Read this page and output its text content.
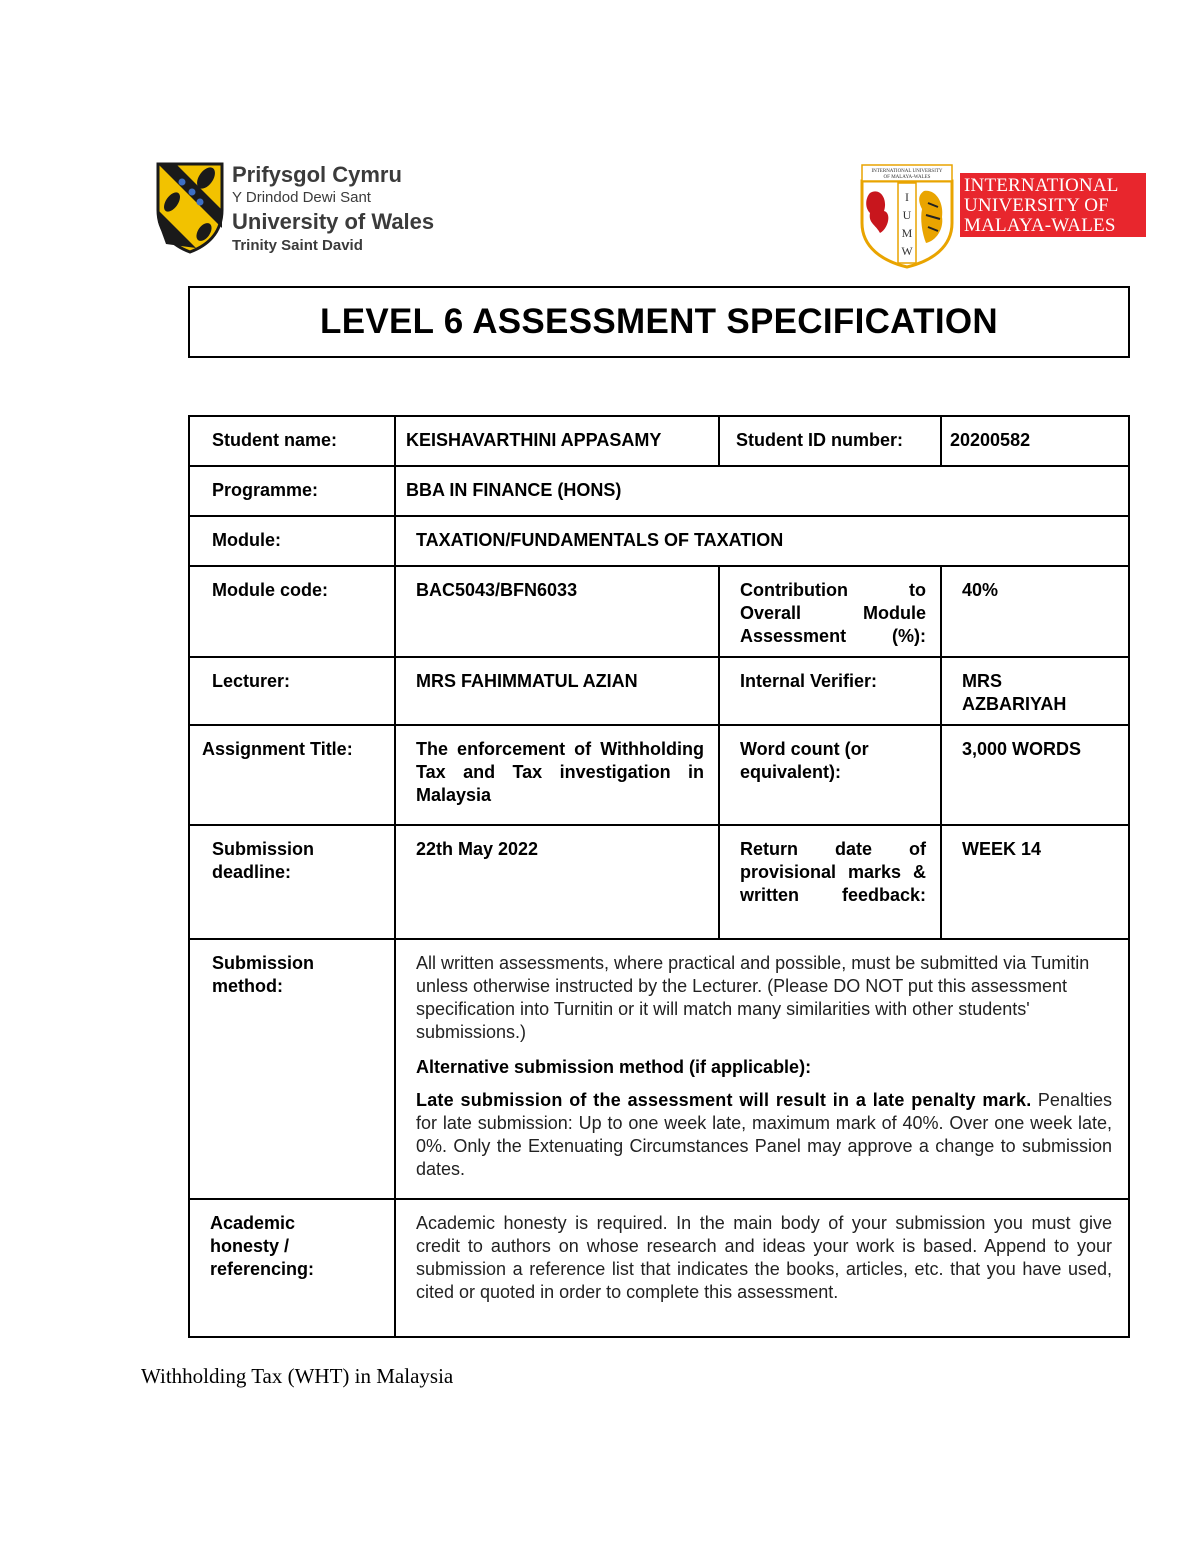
Prifysgol Cymru
Y Drindod Dewi Sant
University of Wales
Trinity Saint David
INTERNATIONAL UNIVERSITY
OF MALAYA-WALES
I
U
M
W
INTERNATIONAL
UNIVERSITY OF
MALAYA-WALES
LEVEL 6 ASSESSMENT SPECIFICATION
Student name:	KEISHAVARTHINI APPASAMY	Student ID number:	20200582
Programme:	BBA IN FINANCE (HONS)		
Module:	TAXATION/FUNDAMENTALS OF TAXATION		
Module code:	BAC5043/BFN6033	Contribution to Overall Module Assessment (%):	40%
Lecturer:	MRS FAHIMMATUL AZIAN	Internal Verifier:	MRS AZBARIYAH
Assignment Title:	The enforcement of Withholding Tax and Tax investigation in Malaysia	Word count (or equivalent):	3,000 WORDS
Submission deadline:	22th May 2022	Return date of provisional marks & written feedback:	WEEK 14
Submission method:	All written assessments, where practical and possible, must be submitted via Tumitin unless otherwise instructed by the Lecturer. (Please DO NOT put this assessment specification into Turnitin or it will match many similarities with other students' submissions.)
Alternative submission method (if applicable):
Late submission of the assessment will result in a late penalty mark. Penalties for late submission: Up to one week late, maximum mark of 40%. Over one week late, 0%. Only the Extenuating Circumstances Panel may approve a change to submission dates.		

Academic honesty / referencing:	Academic honesty is required. In the main body of your submission you must give credit to authors on whose research and ideas your work is based. Append to your submission a reference list that indicates the books, articles, etc. that you have used, cited or quoted in order to complete this assessment.		
Withholding Tax (WHT) in Malaysia
